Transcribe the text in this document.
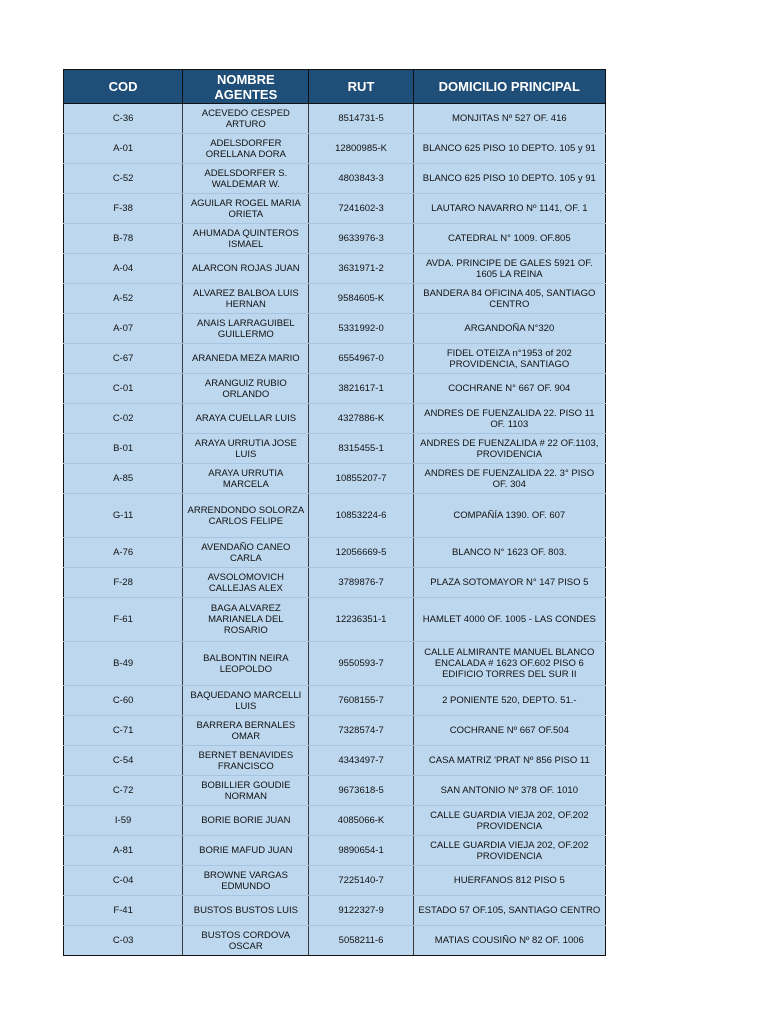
COD	NOMBRE AGENTES	RUT	DOMICILIO PRINCIPAL
C-36	ACEVEDO CESPED ARTURO	8514731-5	MONJITAS Nº 527 OF. 416
A-01	ADELSDORFER ORELLANA DORA	12800985-K	BLANCO 625 PISO 10 DEPTO. 105 y 91
C-52	ADELSDORFER S. WALDEMAR W.	4803843-3	BLANCO 625 PISO 10 DEPTO. 105 y 91
F-38	AGUILAR ROGEL MARIA ORIETA	7241602-3	LAUTARO NAVARRO Nº 1141, OF. 1
B-78	AHUMADA QUINTEROS ISMAEL	9633976-3	CATEDRAL N° 1009. OF.805
A-04	ALARCON ROJAS JUAN	3631971-2	AVDA. PRINCIPE DE GALES 5921 OF. 1605 LA REINA
A-52	ALVAREZ BALBOA LUIS HERNAN	9584605-K	BANDERA 84 OFICINA 405, SANTIAGO CENTRO
A-07	ANAIS LARRAGUIBEL GUILLERMO	5331992-0	ARGANDOÑA N°320
C-67	ARANEDA MEZA MARIO	6554967-0	FIDEL OTEIZA n°1953 of 202 PROVIDENCIA, SANTIAGO
C-01	ARANGUIZ RUBIO ORLANDO	3821617-1	COCHRANE N° 667 OF. 904
C-02	ARAYA CUELLAR LUIS	4327886-K	ANDRES DE FUENZALIDA 22. PISO 11 OF. 1103
B-01	ARAYA URRUTIA JOSE LUIS	8315455-1	ANDRES DE FUENZALIDA # 22 OF.1103, PROVIDENCIA
A-85	ARAYA URRUTIA MARCELA	10855207-7	ANDRES DE FUENZALIDA 22. 3° PISO OF. 304
G-11	ARRENDONDO SOLORZA CARLOS FELIPE	10853224-6	COMPAÑÍA 1390. OF. 607
A-76	AVENDAÑO CANEO CARLA	12056669-5	BLANCO N° 1623 OF. 803.
F-28	AVSOLOMOVICH CALLEJAS ALEX	3789876-7	PLAZA SOTOMAYOR N° 147 PISO 5
F-61	BAGA ALVAREZ MARIANELA DEL ROSARIO	12236351-1	HAMLET 4000 OF. 1005 - LAS CONDES
B-49	BALBONTIN NEIRA LEOPOLDO	9550593-7	CALLE ALMIRANTE MANUEL BLANCO ENCALADA # 1623 OF.602 PISO 6 EDIFICIO TORRES DEL SUR II
C-60	BAQUEDANO MARCELLI LUIS	7608155-7	2 PONIENTE 520, DEPTO. 51.-
C-71	BARRERA BERNALES OMAR	7328574-7	COCHRANE Nº 667 OF.504
C-54	BERNET BENAVIDES FRANCISCO	4343497-7	CASA MATRIZ 'PRAT Nº 856 PISO 11
C-72	BOBILLIER GOUDIE NORMAN	9673618-5	SAN ANTONIO Nº 378 OF. 1010
I-59	BORIE BORIE JUAN	4085066-K	CALLE GUARDIA VIEJA 202, OF.202 PROVIDENCIA
A-81	BORIE MAFUD JUAN	9890654-1	CALLE GUARDIA VIEJA 202, OF.202 PROVIDENCIA
C-04	BROWNE VARGAS EDMUNDO	7225140-7	HUERFANOS 812 PISO 5
F-41	BUSTOS BUSTOS LUIS	9122327-9	ESTADO 57 OF.105, SANTIAGO CENTRO
C-03	BUSTOS CORDOVA OSCAR	5058211-6	MATIAS COUSIÑO Nº 82 OF. 1006
